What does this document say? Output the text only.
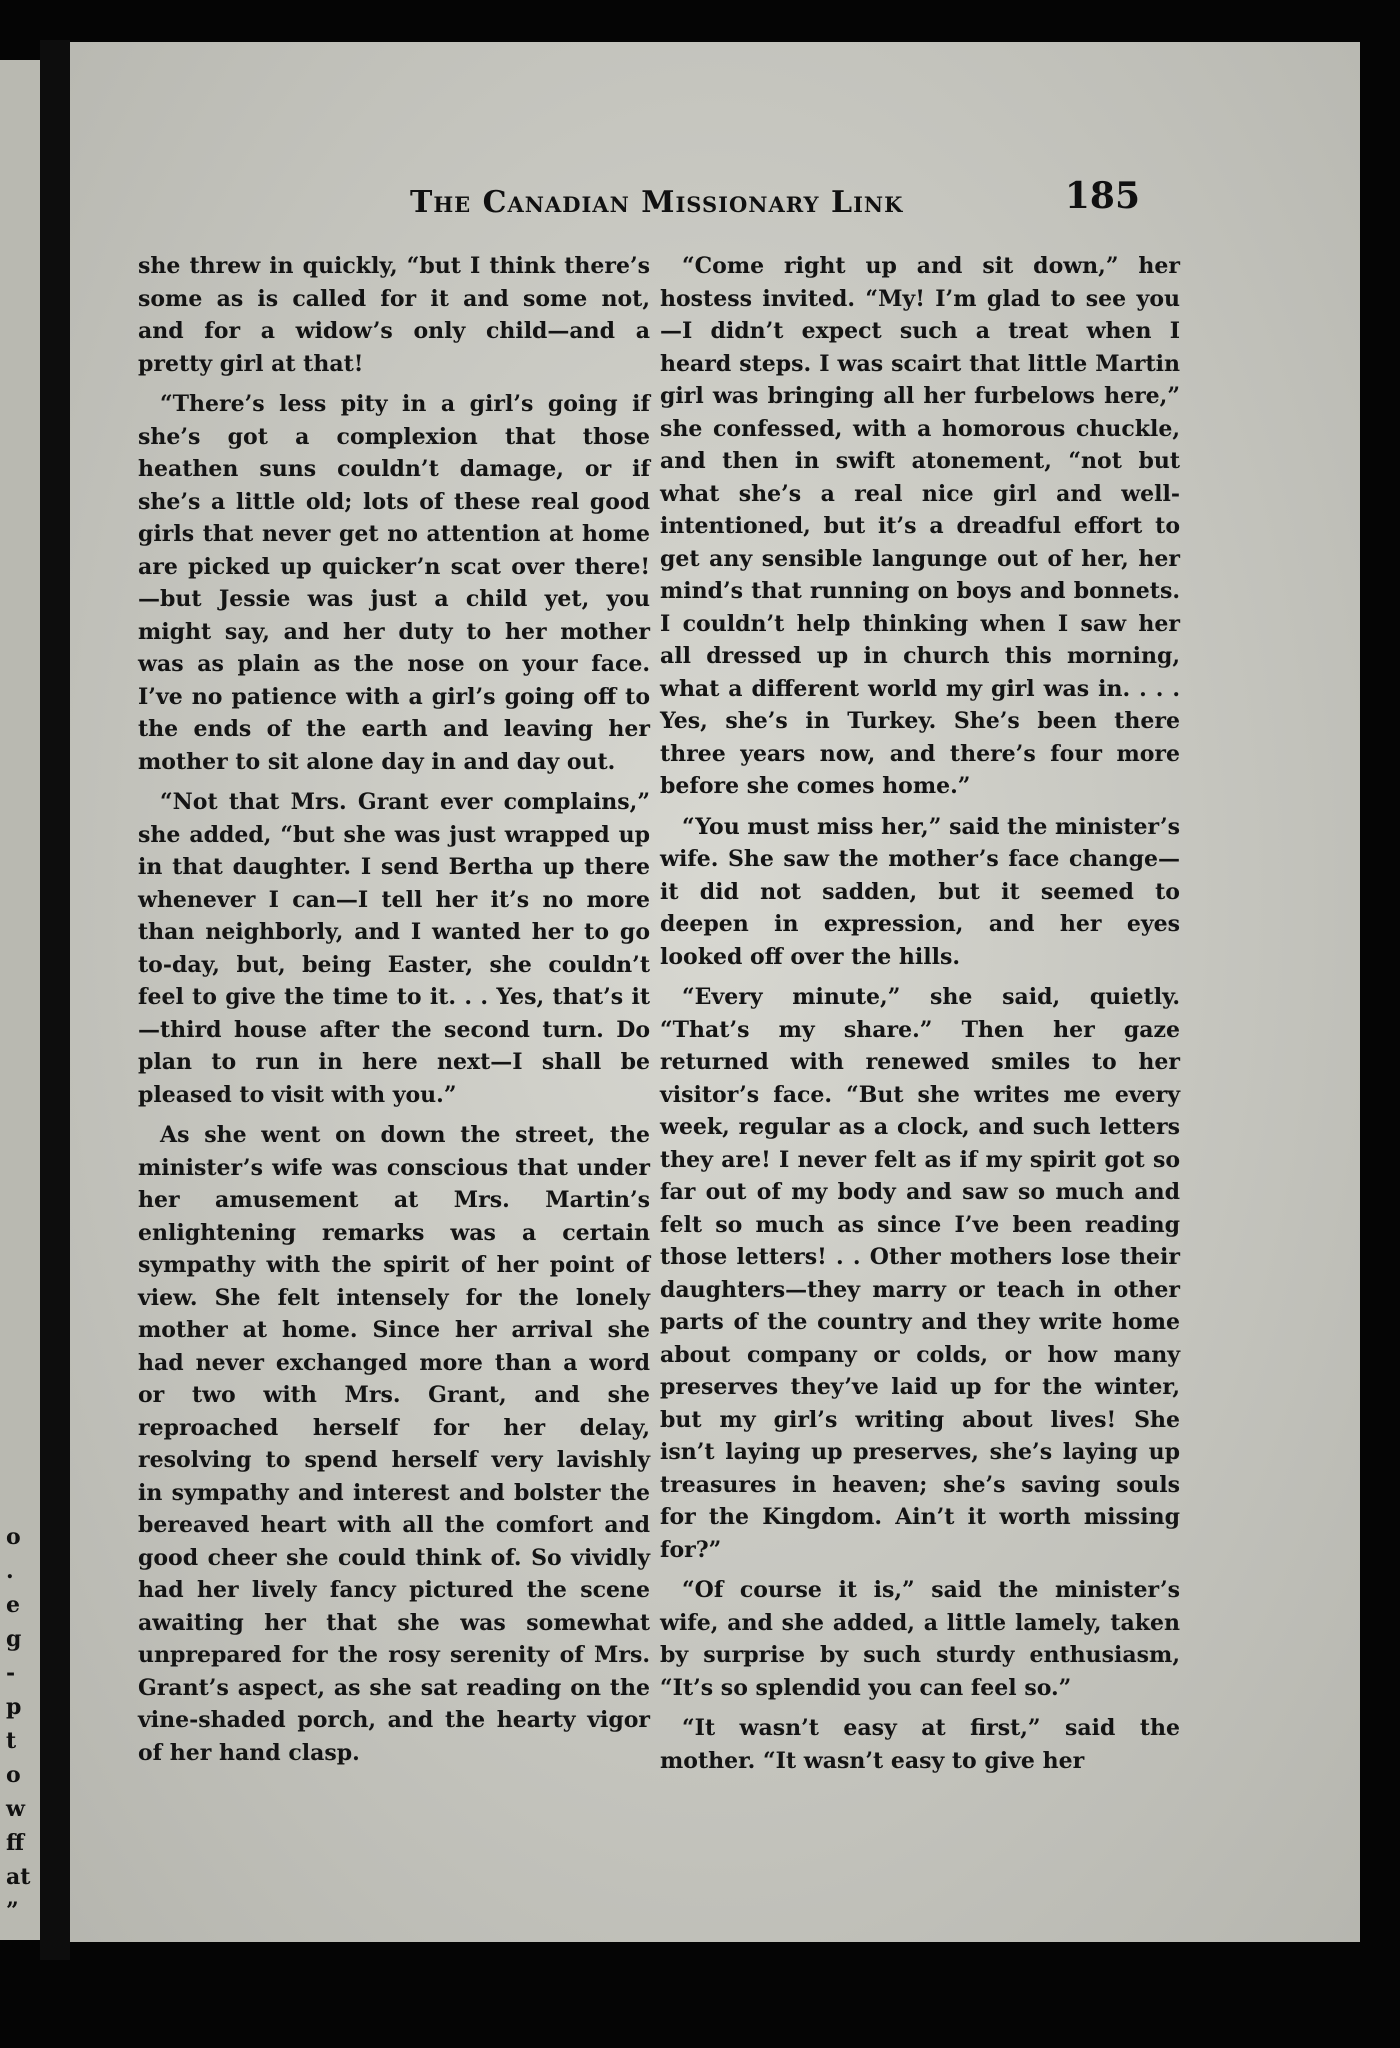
o
.
e
g
-
p
t
o
w
ff
at
”
The Canadian Missionary Link	185

she threw in quickly, “but I think there’s some as is called for it and some not, and for a widow’s only child—and a pretty girl at that!

“There’s less pity in a girl’s going if she’s got a complexion that those heathen suns couldn’t damage, or if she’s a little old; lots of these real good girls that never get no attention at home are picked up quicker’n scat over there!—but Jessie was just a child yet, you might say, and her duty to her mother was as plain as the nose on your face. I’ve no patience with a girl’s going off to the ends of the earth and leaving her mother to sit alone day in and day out.

“Not that Mrs. Grant ever complains,” she added, “but she was just wrapped up in that daughter. I send Bertha up there whenever I can—I tell her it’s no more than neighborly, and I wanted her to go to-day, but, being Easter, she couldn’t feel to give the time to it. . . Yes, that’s it—third house after the second turn. Do plan to run in here next—I shall be pleased to visit with you.”

As she went on down the street, the minister’s wife was conscious that under her amusement at Mrs. Martin’s enlightening remarks was a certain sympathy with the spirit of her point of view. She felt intensely for the lonely mother at home. Since her arrival she had never exchanged more than a word or two with Mrs. Grant, and she reproached herself for her delay, resolving to spend herself very lavishly in sympathy and interest and bolster the bereaved heart with all the comfort and good cheer she could think of. So vividly had her lively fancy pictured the scene awaiting her that she was somewhat unprepared for the rosy serenity of Mrs. Grant’s aspect, as she sat reading on the vine-shaded porch, and the hearty vigor of her hand clasp.

“Come right up and sit down,” her hostess invited. “My! I’m glad to see you—I didn’t expect such a treat when I heard steps. I was scairt that little Martin girl was bringing all her furbelows here,” she confessed, with a homorous chuckle, and then in swift atonement, “not but what she’s a real nice girl and well-intentioned, but it’s a dreadful effort to get any sensible langunge out of her, her mind’s that running on boys and bonnets. I couldn’t help thinking when I saw her all dressed up in church this morning, what a different world my girl was in. . . . Yes, she’s in Turkey. She’s been there three years now, and there’s four more before she comes home.”

“You must miss her,” said the minister’s wife. She saw the mother’s face change—it did not sadden, but it seemed to deepen in expression, and her eyes looked off over the hills.

“Every minute,” she said, quietly. “That’s my share.” Then her gaze returned with renewed smiles to her visitor’s face. “But she writes me every week, regular as a clock, and such letters they are! I never felt as if my spirit got so far out of my body and saw so much and felt so much as since I’ve been reading those letters! . . Other mothers lose their daughters—they marry or teach in other parts of the country and they write home about company or colds, or how many preserves they’ve laid up for the winter, but my girl’s writing about lives! She isn’t laying up preserves, she’s laying up treasures in heaven; she’s saving souls for the Kingdom. Ain’t it worth missing for?”

“Of course it is,” said the minister’s wife, and she added, a little lamely, taken by surprise by such sturdy enthusiasm, “It’s so splendid you can feel so.”

“It wasn’t easy at first,” said the mother. “It wasn’t easy to give her
